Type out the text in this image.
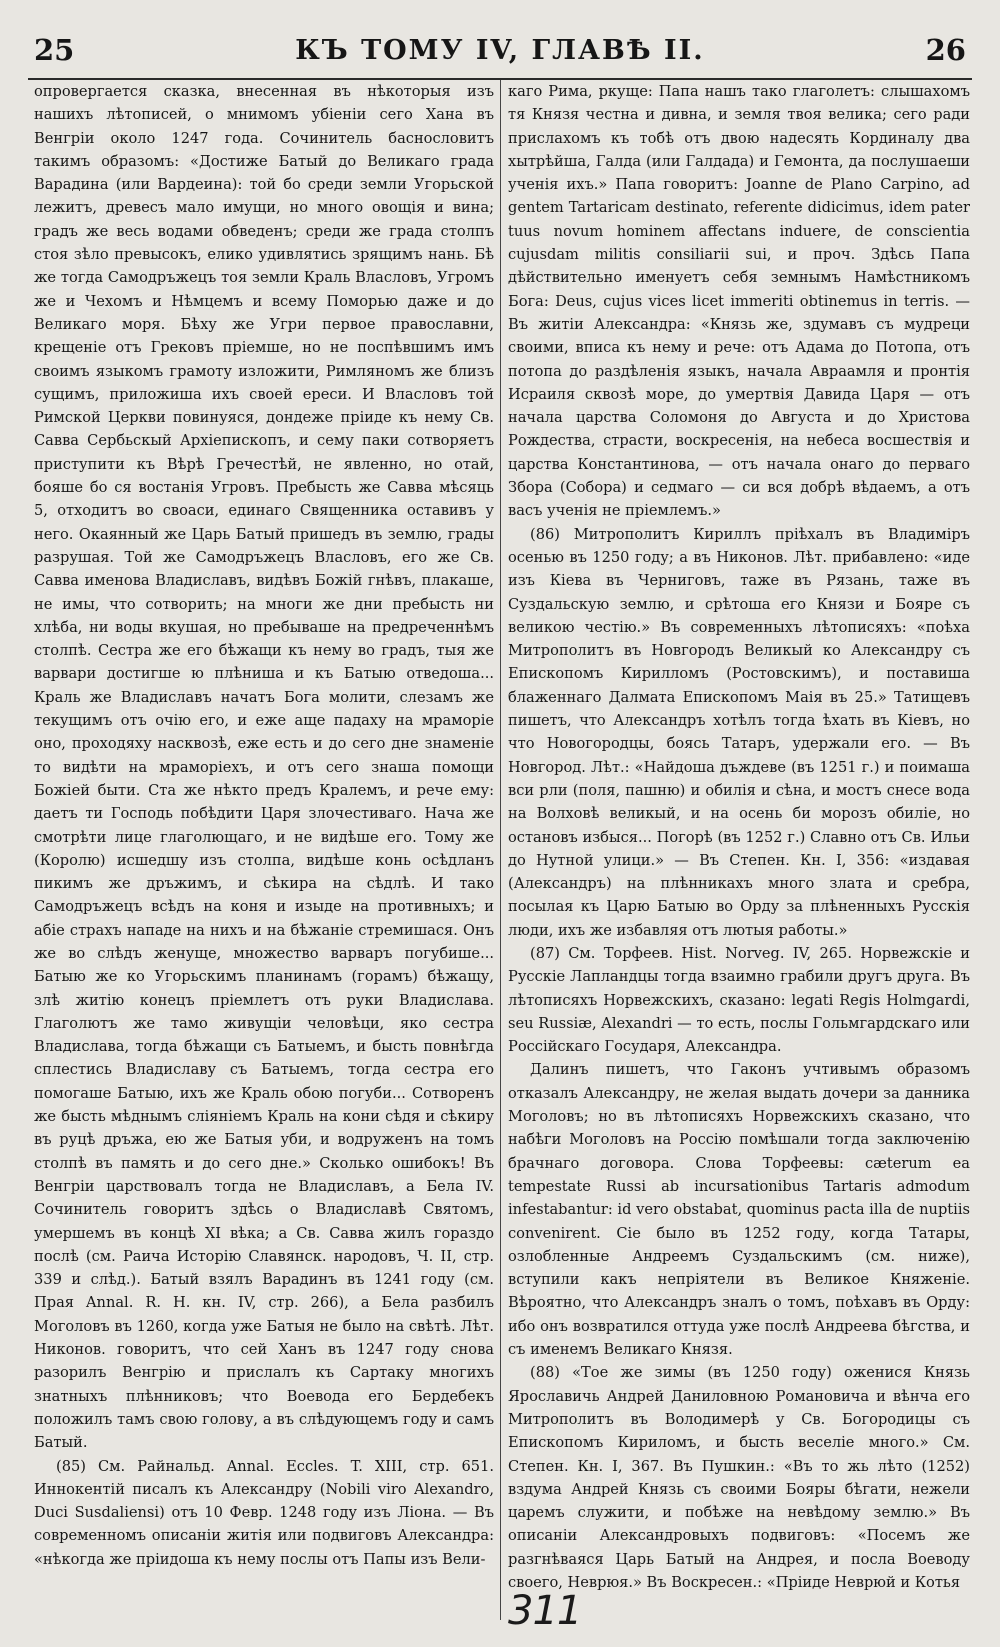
25	КЪ ТОМУ IV, ГЛАВѢ II.	26

опровергается сказка, внесенная въ нѣкоторыя изъ нашихъ лѣтописей, о мнимомъ убіеніи сего Хана въ Венгріи около 1247 года. Сочинитель баснословитъ такимъ образомъ: «Достиже Батый до Великаго града Варадина (или Вардеина): той бо среди земли Угорьской лежитъ, древесъ мало имущи, но много овощія и вина; градъ же весь водами обведенъ; среди же града столпъ стоя зѣло превысокъ, елико удивлятись зрящимъ нань. Бѣ же тогда Самодръжецъ тоя земли Краль Власловъ, Угромъ же и Чехомъ и Нѣмцемъ и всему Поморью даже и до Великаго моря. Бѣху же Угри первое православни, крещеніе отъ Грековъ пріемше, но не поспѣвшимъ имъ своимъ языкомъ грамоту изложити, Римляномъ же близъ сущимъ, приложиша ихъ своей ереси. И Власловъ той Римской Церкви повинуяся, дондеже пріиде къ нему Св. Савва Сербьскый Архіепископъ, и сему паки сотворяетъ приступити къ Вѣрѣ Гречестѣй, не явленно, но отай, бояше бо ся востанія Угровъ. Пребысть же Савва мѣсяць 5, отходитъ во своаси, единаго Священника оставивъ у него. Окаянный же Царь Батый пришедъ въ землю, грады разрушая. Той же Самодръжецъ Власловъ, его же Св. Савва именова Владиславъ, видѣвъ Божій гнѣвъ, плакаше, не имы, что сотворить; на многи же дни пребысть ни хлѣба, ни воды вкушая, но пребываше на предреченнѣмъ столпѣ. Сестра же его бѣжащи къ нему во градъ, тыя же варвари достигше ю плѣниша и къ Батыю отведоша... Краль же Владиславъ начатъ Бога молити, слезамъ же текущимъ отъ очію его, и еже аще падаху на мраморіе оно, проходяху насквозѣ, еже есть и до сего дне знаменіе то видѣти на мраморіехъ, и отъ сего знаша помощи Божіей быти. Ста же нѣкто предъ Кралемъ, и рече ему: даетъ ти Господь побѣдити Царя злочестиваго. Нача же смотрѣти лице глаголющаго, и не видѣше его. Тому же (Королю) исшедшу изъ столпа, видѣше конь осѣдланъ пикимъ же дръжимъ, и сѣкира на сѣдлѣ. И тако Самодръжецъ всѣдъ на коня и изыде на противныхъ; и абіе страхъ нападе на нихъ и на бѣжаніе стремишася. Онъ же во слѣдъ женуще, множество варваръ погубише... Батыю же ко Угорьскимъ планинамъ (горамъ) бѣжащу, злѣ житію конецъ пріемлетъ отъ руки Владислава. Глаголютъ же тамо живущіи человѣци, яко сестра Владислава, тогда бѣжащи съ Батыемъ, и бысть повнѣгда сплестись Владиславу съ Батыемъ, тогда сестра его помогаше Батыю, ихъ же Краль обою погуби... Сотворенъ же бысть мѣднымъ сліяніемъ Краль на кони сѣдя и сѣкиру въ руцѣ дръжа, ею же Батыя уби, и водруженъ на томъ столпѣ въ память и до сего дне.» Сколько ошибокъ! Въ Венгріи царствовалъ тогда не Владиславъ, а Бела IV. Сочинитель говоритъ здѣсь о Владиславѣ Святомъ, умершемъ въ концѣ XI вѣка; а Св. Савва жилъ гораздо послѣ (см. Раича Исторію Славянск. народовъ, Ч. II, стр. 339 и слѣд.). Батый взялъ Варадинъ въ 1241 году (см. Прая Annal. R. H. кн. IV, стр. 266), а Бела разбилъ Моголовъ въ 1260, когда уже Батыя не было на свѣтѣ. Лѣт. Никонов. говоритъ, что сей Ханъ въ 1247 году снова разорилъ Венгрію и прислалъ къ Сартаку многихъ знатныхъ плѣнниковъ; что Воевода его Бердебекъ положилъ тамъ свою голову, а въ слѣдующемъ году и самъ Батый.

(85) См. Райнальд. Annal. Eccles. T. XIII, стр. 651. Иннокентій писалъ къ Александру (Nobili viro Alexandro, Duci Susdaliensi) отъ 10 Февр. 1248 году изъ Ліона. — Въ современномъ описаніи житія или подвиговъ Александра: «нѣкогда же пріидоша къ нему послы отъ Папы изъ Вели-

каго Рима, ркуще: Папа нашъ тако глаголетъ: слышахомъ тя Князя честна и дивна, и земля твоя велика; сего ради прислахомъ къ тобѣ отъ двою надесять Кординалу два хытрѣйша, Галда (или Галдада) и Гемонта, да послушаеши ученія ихъ.» Папа говоритъ: Joanne de Plano Carpino, ad gentem Tartaricam destinato, referente didicimus, idem pater tuus novum hominem affectans induere, de conscientia cujusdam militis consiliarii sui, и проч. Здѣсь Папа дѣйствительно именуетъ себя земнымъ Намѣстникомъ Бога: Deus, cujus vices licet immeriti obtinemus in terris. — Въ житіи Александра: «Князь же, здумавъ съ мудреци своими, вписа къ нему и рече: отъ Адама до Потопа, отъ потопа до раздѣленія языкъ, начала Авраамля и пронтія Исраиля сквозѣ море, до умертвія Давида Царя — отъ начала царства Соломоня до Августа и до Христова Рождества, страсти, воскресенія, на небеса восшествія и царства Константинова, — отъ начала онаго до перваго Збора (Собора) и седмаго — си вся добрѣ вѣдаемъ, а отъ васъ ученія не пріемлемъ.»

(86) Митрополитъ Кириллъ пріѣхалъ въ Владиміръ осенью въ 1250 году; а въ Никонов. Лѣт. прибавлено: «иде изъ Кіева въ Черниговъ, таже въ Рязань, таже въ Суздальскую землю, и срѣтоша его Князи и Бояре съ великою честію.» Въ современныхъ лѣтописяхъ: «поѣха Митрополитъ въ Новгородъ Великый ко Александру съ Епископомъ Кирилломъ (Ростовскимъ), и поставиша блаженнаго Далмата Епископомъ Маія въ 25.» Татищевъ пишетъ, что Александръ хотѣлъ тогда ѣхать въ Кіевъ, но что Новогородцы, боясь Татаръ, удержали его. — Въ Новгород. Лѣт.: «Найдоша дъждеве (въ 1251 г.) и поимаша вси рли (поля, пашню) и обилія и сѣна, и мостъ снесе вода на Волховѣ великый, и на осень би морозъ обиліе, но остановъ избыся... Погорѣ (въ 1252 г.) Славно отъ Св. Ильи до Нутной улици.» — Въ Степен. Кн. I, 356: «издавая (Александръ) на плѣнникахъ много злата и сребра, посылая къ Царю Батыю во Орду за плѣненныхъ Русскія люди, ихъ же избавляя отъ лютыя работы.»

(87) См. Торфеев. Hist. Norveg. IV, 265. Норвежскіе и Русскіе Лапландцы тогда взаимно грабили другъ друга. Въ лѣтописяхъ Норвежскихъ, сказано: legati Regis Holmgardi, seu Russiæ, Alexandri — то есть, послы Гольмгардскаго или Россійскаго Государя, Александра.

Далинъ пишетъ, что Гаконъ учтивымъ образомъ отказалъ Александру, не желая выдать дочери за данника Моголовъ; но въ лѣтописяхъ Норвежскихъ сказано, что набѣги Моголовъ на Россію помѣшали тогда заключенію брачнаго договора. Слова Торфеевы: cæterum ea tempestate Russi ab incursationibus Tartaris admodum infestabantur: id vero obstabat, quominus pacta illa de nuptiis convenirent. Сіе было въ 1252 году, когда Татары, озлобленные Андреемъ Суздальскимъ (см. ниже), вступили какъ непріятели въ Великое Княженіе. Вѣроятно, что Александръ зналъ о томъ, поѣхавъ въ Орду: ибо онъ возвратился оттуда уже послѣ Андреева бѣгства, и съ именемъ Великаго Князя.

(88) «Тое же зимы (въ 1250 году) оженися Князь Ярославичь Андрей Даниловною Романовича и вѣнча его Митрополитъ въ Володимерѣ у Св. Богородицы съ Епископомъ Кириломъ, и бысть веселіе много.» См. Степен. Кн. I, 367. Въ Пушкин.: «Въ то жь лѣто (1252) вздума Андрей Князь съ своими Бояры бѣгати, нежели царемъ служити, и побѣже на невѣдому землю.» Въ описаніи Александровыхъ подвиговъ: «Посемъ же разгнѣваяся Царь Батый на Андрея, и посла Воеводу своего, Неврюя.» Въ Воскресен.: «Пріиде Неврюй и Котья

311
